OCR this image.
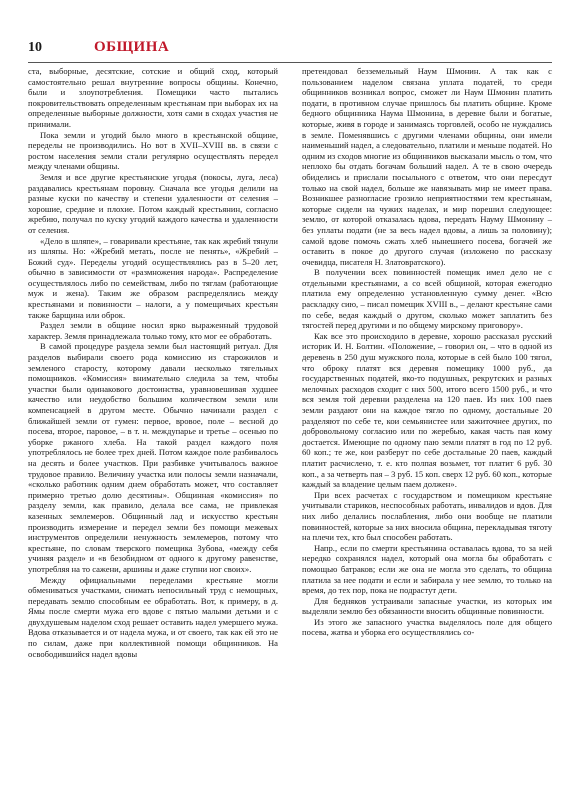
10	ОБЩИНА

ста, выборные, десятские, сотские и общий сход, который самостоятельно решал внутренние вопросы общины. Конечно, были и злоупотребления. Помещики часто пытались покровительствовать определенным крестьянам при выборах их на определенные выборные должности, хотя сами в сходах участия не принимали.

Пока земли и угодий было много в крестьянской общине, переделы не производились. Но вот в XVII–XVIII вв. в связи с ростом населения земли стали регулярно осуществлять передел между членами общины.

Земля и все другие крестьянские угодья (покосы, луга, леса) раздавались крестьянам поровну. Сначала все угодья делили на разные куски по качеству и степени удаленности от селения – хорошие, средние и плохие. Потом каждый крестьянин, согласно жребию, получал по куску угодий каждого качества и удаленности от селения.

«Дело в шляпе», – говаривали крестьяне, так как жребий тянули из шляпы. Но: «Жребий метать, после не пенять», «Жребий – Божий суд». Переделы угодий осуществлялись раз в 5–20 лет, обычно в зависимости от «размножения народа». Распределение осуществлялось либо по семействам, либо по тяглам (работающие муж и жена). Таким же образом распределялись между крестьянами и повинности – налоги, а у помещичьих крестьян также барщина или оброк.

Раздел земли в общине носил ярко выраженный трудовой характер. Земля принадлежала только тому, кто мог ее обработать.

В самой процедуре раздела земли был настоящий ритуал. Для разделов выбирали своего рода комиссию из старожилов и земленого старосту, которому давали несколько тягельных помощников. «Комиссия» внимательно следила за тем, чтобы участки были одинакового достоинства, уравновешивая худшее качество или неудобство большим количеством земли или компенсацией в другом месте. Обычно начинали раздел с ближайшей земли от гумен: первое, вровое, поле – весной до посева, второе, паровое, – в т. н. междупарье и третье – осенью по уборке ржаного хлеба. На такой раздел каждого поля употреблялось не более трех дней. Потом каждое поле разбивалось на десять и более участков. При разбивке учитывалось важное трудовое правило. Величину участка или полосы земли назначали, «сколько работник одним днем обработать может, что составляет примерно третью долю десятины». Общинная «комиссия» по разделу земли, как правило, делала все сама, не привлекая казенных землемеров. Общинный лад и искусство крестьян производить измерение и передел земли без помощи межевых инструментов определили ненужность землемеров, потому что крестьяне, по словам тверского помещика Зубова, «между себя учиняя раздел» и «в безобидном от одного к другому равенстве, употребляя на то сажени, аршины и даже ступни ног своих».

Между официальными переделами крестьяне могли обмениваться участками, снимать непосильный труд с немощных, передавать землю способным ее обработать. Вот, к примеру, в д. Ямы после смерти мужа его вдове с пятью малыми детьми и с двухдушевым наделом сход решает оставить надел умершего мужа. Вдова отказывается и от надела мужа, и от своего, так как ей это не по силам, даже при коллективной помощи общинников. На освободившийся надел вдовы

претендовал безземельный Наум Шмонин. А так как с пользованием наделом связана уплата податей, то среди общинников возникал вопрос, сможет ли Наум Шмонин платить подати, в противном случае пришлось бы платить общине. Кроме бедного общинника Наума Шмонина, в деревне были и богатые, которые, живя в городе и занимаясь торговлей, особо не нуждались в земле. Поменявшись с другими членами общины, они имели наименьший надел, а следовательно, платили и меньше податей. Но одним из сходов многие из общинников высказали мысль о том, что неплохо бы отдать богачам больший надел. А те в свою очередь обиделись и прислали посыльного с ответом, что они пересдут только на свой надел, больше же навязывать мир не имеет права. Возникшее разногласие грозило неприятностями тем крестьянам, которые сидели на чужих наделах, и мир порешил следующее: землю, от которой отказалась вдова, передать Науму Шмонину – без уплаты подати (не за весь надел вдовы, а лишь за половину); самой вдове помочь сжать хлеб нынешнего посева, богачей же оставить в покое до другого случая (изложено по рассказу очевидца, писателя Н. Златовратского).

В получении всех повинностей помещик имел дело не с отдельными крестьянами, а со всей общиной, которая ежегодно платила ему определенно установленную сумму денег. «Всю раскладку сию, – писал помещик XVIII в., – делают крестьяне сами по себе, ведая каждый о другом, сколько может заплатить без тягостей перед другими и по общему мирскому приговору».

Как все это происходило в деревне, хорошо рассказал русский историк И. Н. Болтин. «Положение, – говорил он, – что в одной из деревень в 250 душ мужского пола, которые в сей было 100 тягол, что оброку платят вся деревня помещику 1000 руб., да государственных податей, яко-то подушных, рекрутских и разных мелочных расходов сходит с них 500, итого всего 1500 руб., и что вся земля той деревни разделена на 120 паев. Из них 100 паев земли раздают они на каждое тягло по одному, достальные 20 разделяют по себе те, кои семьянистее или зажиточнее других, по добровольному согласию или по жеребью, какая часть пая кому достается. Имеющие по одному паю земли платят в год по 12 руб. 60 коп.; те же, кои разберут по себе достальные 20 паев, каждый платит расчислено, т. е. кто полпая возьмет, тот платит 6 руб. 30 коп., а за четверть пая – 3 руб. 15 коп. сверх 12 руб. 60 коп., которые каждый за владение целым паем должен».

При всех расчетах с государством и помещиком крестьяне учитывали стариков, неспособных работать, инвалидов и вдов. Для них либо делались послабления, либо они вообще не платили повинностей, которые за них вносила община, перекладывая тяготу на плечи тех, кто был способен работать.

Напр., если по смерти крестьянина оставалась вдова, то за ней нередко сохранялся надел, который она могла бы обработать с помощью батраков; если же она не могла это сделать, то община платила за нее подати и если и забирала у нее землю, то только на время, до тех пор, пока не подрастут дети.

Для бедняков устраивали запасные участки, из которых им выделяли землю без обязанности вносить общинные повинности.

Из этого же запасного участка выделялось поле для общего посева, жатва и уборка его осуществлялись со-
